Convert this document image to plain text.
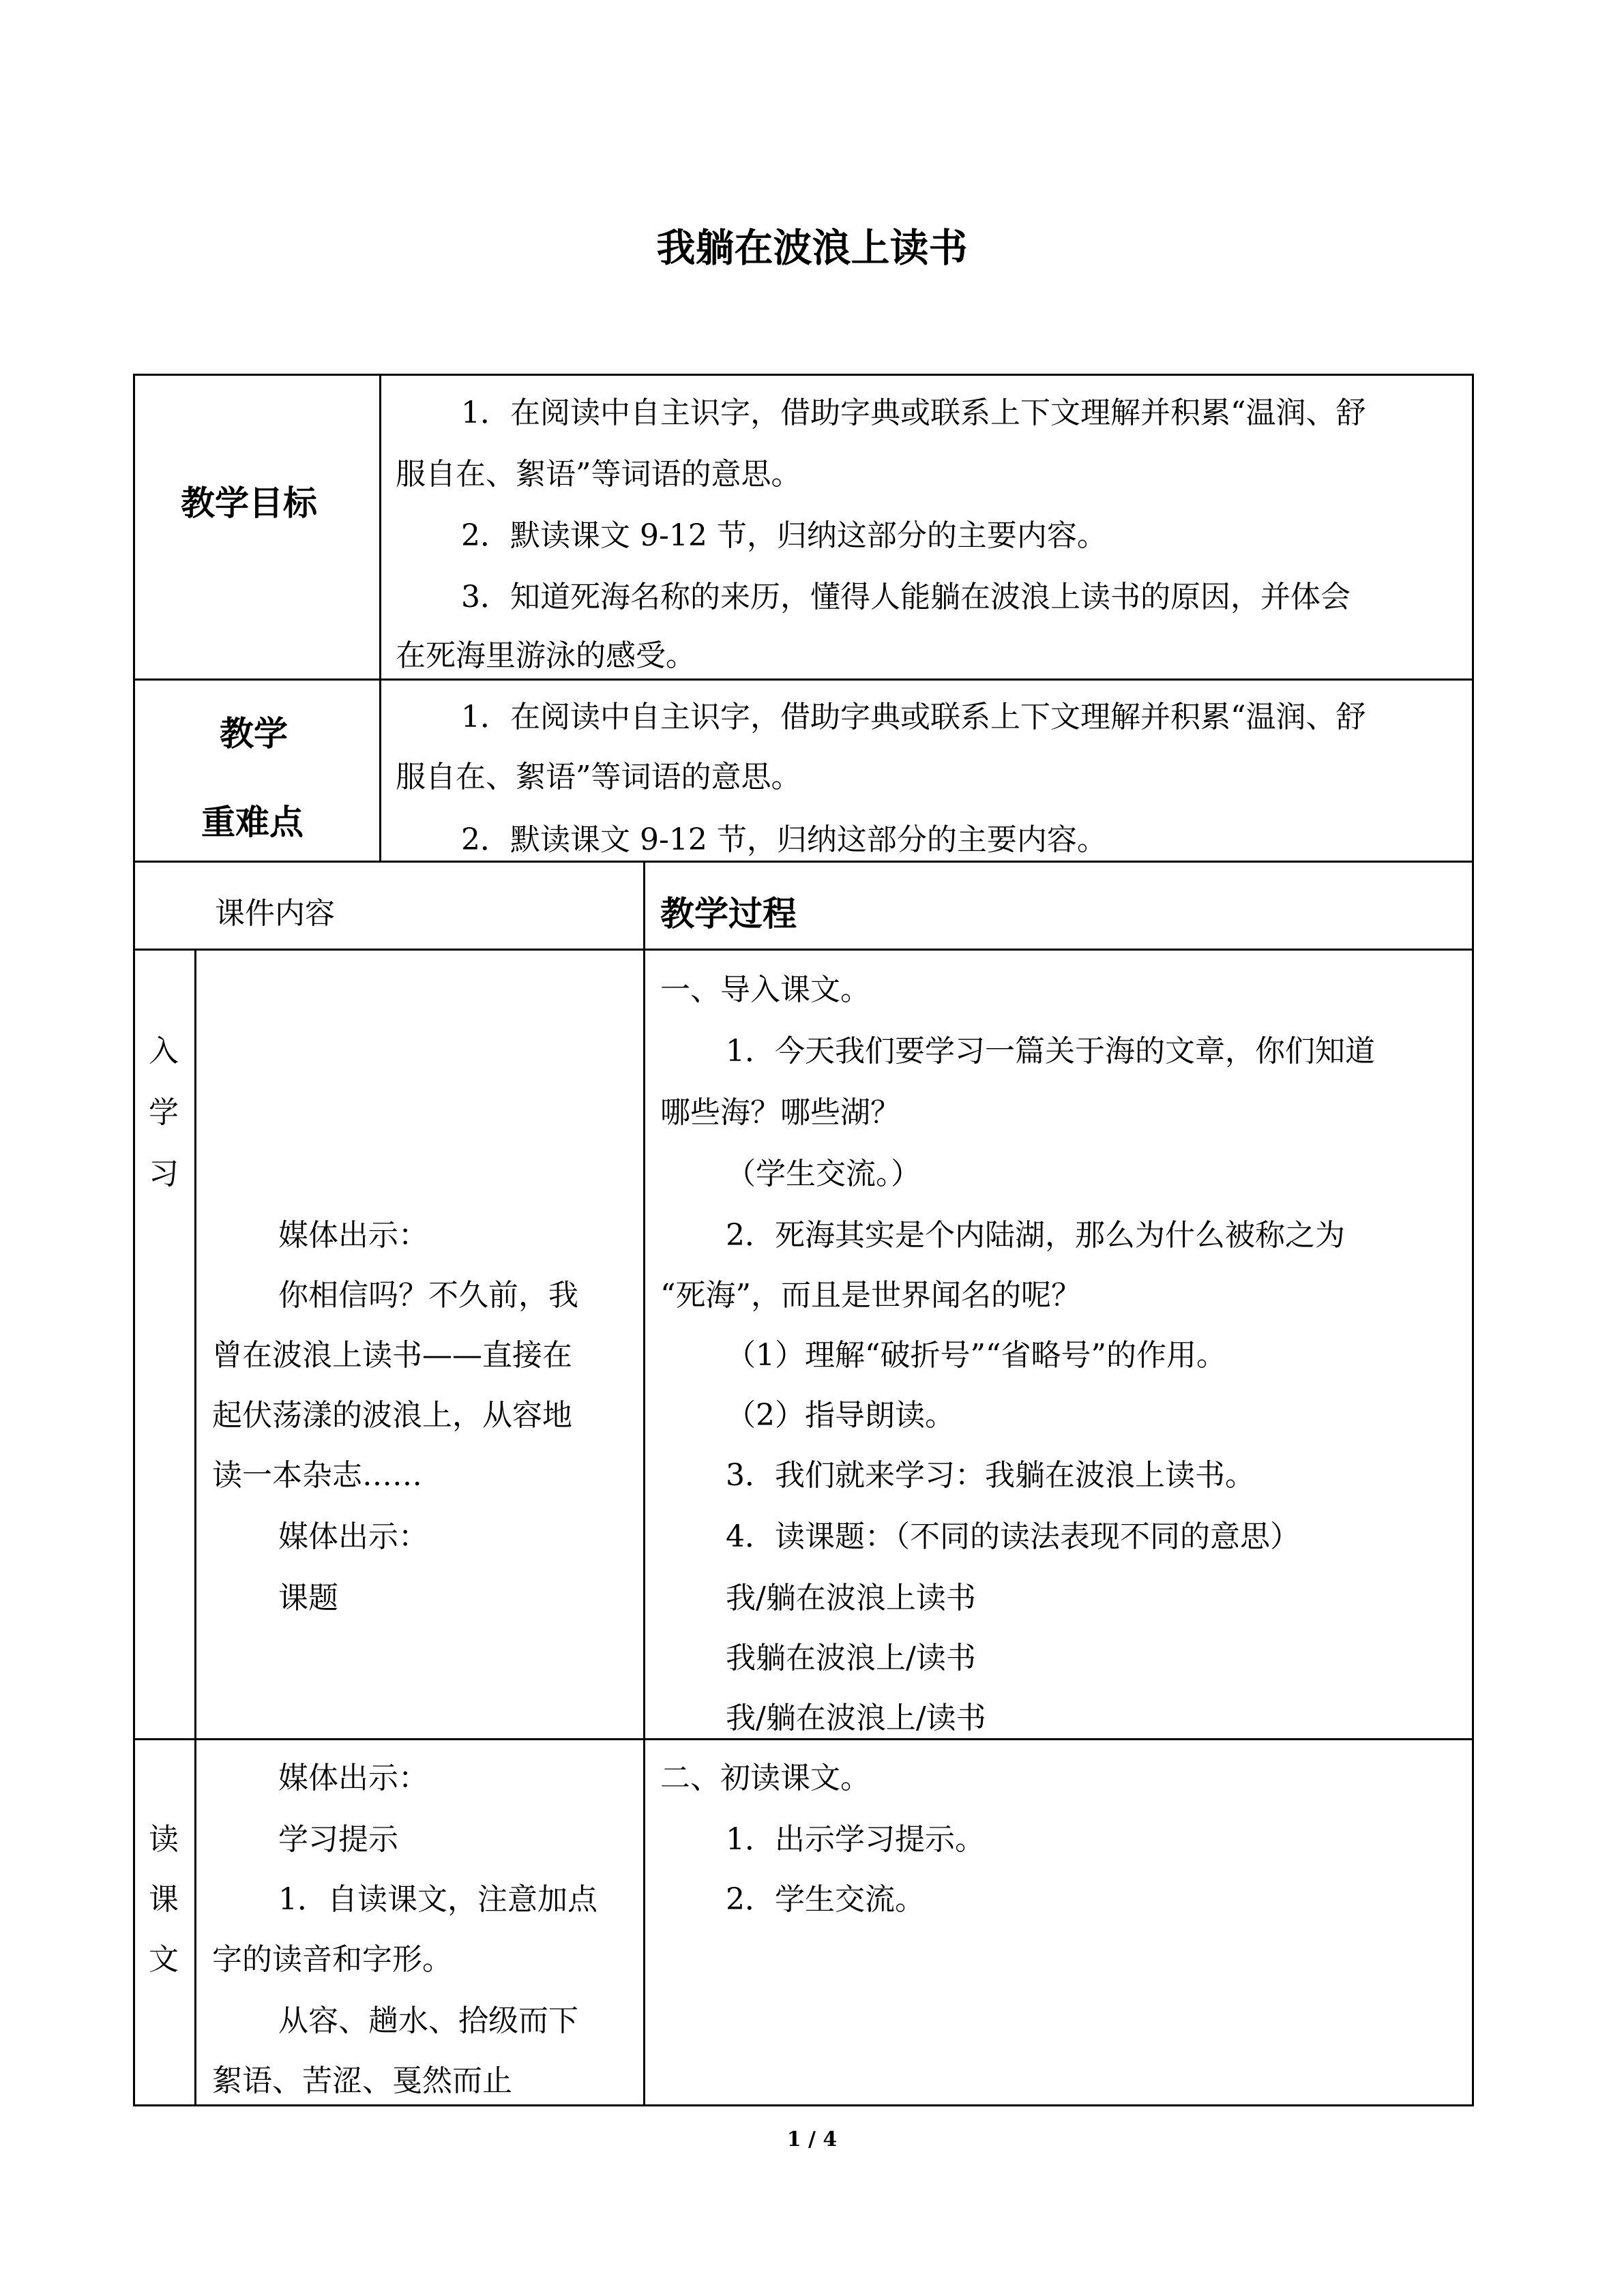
我躺在波浪上读书
教学目标
1．在阅读中自主识字，借助字典或联系上下文理解并积累“温润、舒
服自在、絮语”等词语的意思。
2．默读课文 9-12 节，归纳这部分的主要内容。
3．知道死海名称的来历，懂得人能躺在波浪上读书的原因，并体会
在死海里游泳的感受。
教学
重难点
1．在阅读中自主识字，借助字典或联系上下文理解并积累“温润、舒
服自在、絮语”等词语的意思。
2．默读课文 9-12 节，归纳这部分的主要内容。
课件内容	教学过程
入
学
习
媒体出示：
你相信吗？不久前，我
曾在波浪上读书——直接在
起伏荡漾的波浪上，从容地
读一本杂志……
媒体出示：
课题
一、导入课文。
1．今天我们要学习一篇关于海的文章，你们知道
哪些海？哪些湖？
（学生交流。）
2．死海其实是个内陆湖，那么为什么被称之为
“死海”，而且是世界闻名的呢？
（1）理解“破折号”“省略号”的作用。
（2）指导朗读。
3．我们就来学习：我躺在波浪上读书。
4．读课题：（不同的读法表现不同的意思）
我/躺在波浪上读书
我躺在波浪上/读书
我/躺在波浪上/读书
读
课
文
媒体出示：
学习提示
1．自读课文，注意加点
字的读音和字形。
从容、趟水、拾级而下
絮语、苦涩、戛然而止
二、初读课文。
1．出示学习提示。
2．学生交流。
1 / 4
